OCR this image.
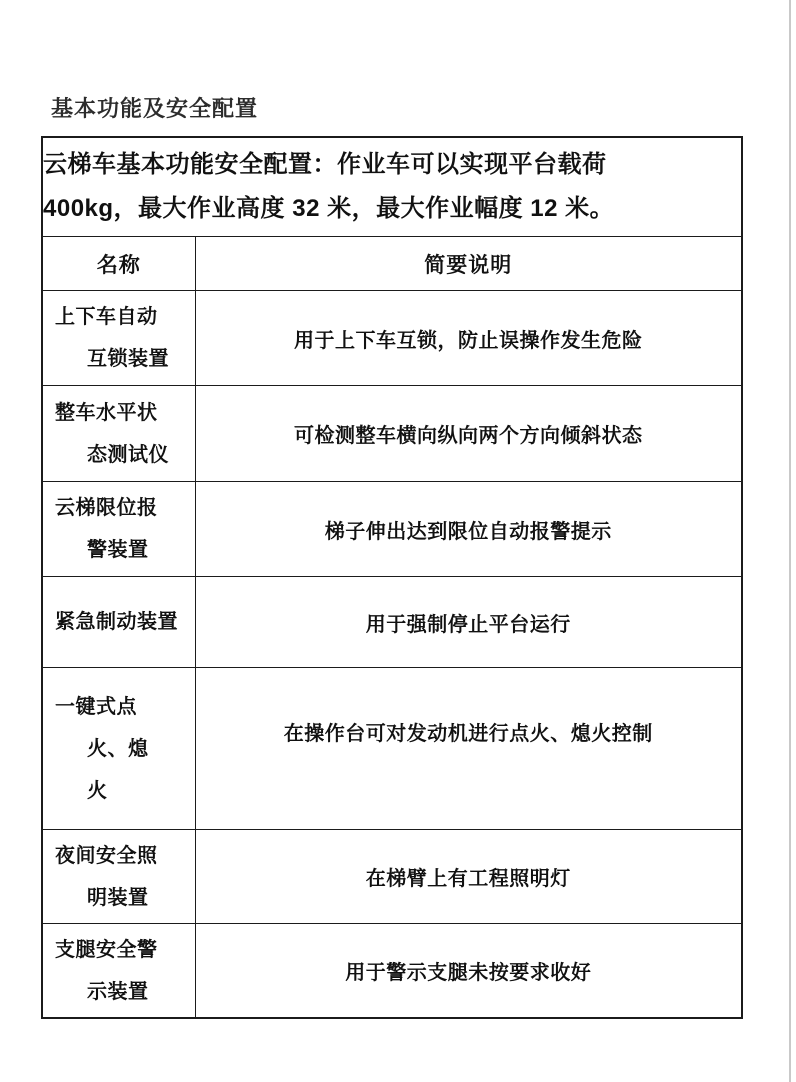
基本功能及安全配置
云梯车基本功能安全配置：作业车可以实现平台载荷
400kg，最大作业高度 32 米，最大作业幅度 12 米。	

名称	简要说明

上下车自动
互锁装置	用于上下车互锁，防止误操作发生危险

整车水平状
态测试仪	可检测整车横向纵向两个方向倾斜状态

云梯限位报
警装置	梯子伸出达到限位自动报警提示

紧急制动装置	用于强制停止平台运行

一键式点
火、熄
火	在操作台可对发动机进行点火、熄火控制

夜间安全照
明装置	在梯臂上有工程照明灯

支腿安全警
示装置	用于警示支腿未按要求收好
